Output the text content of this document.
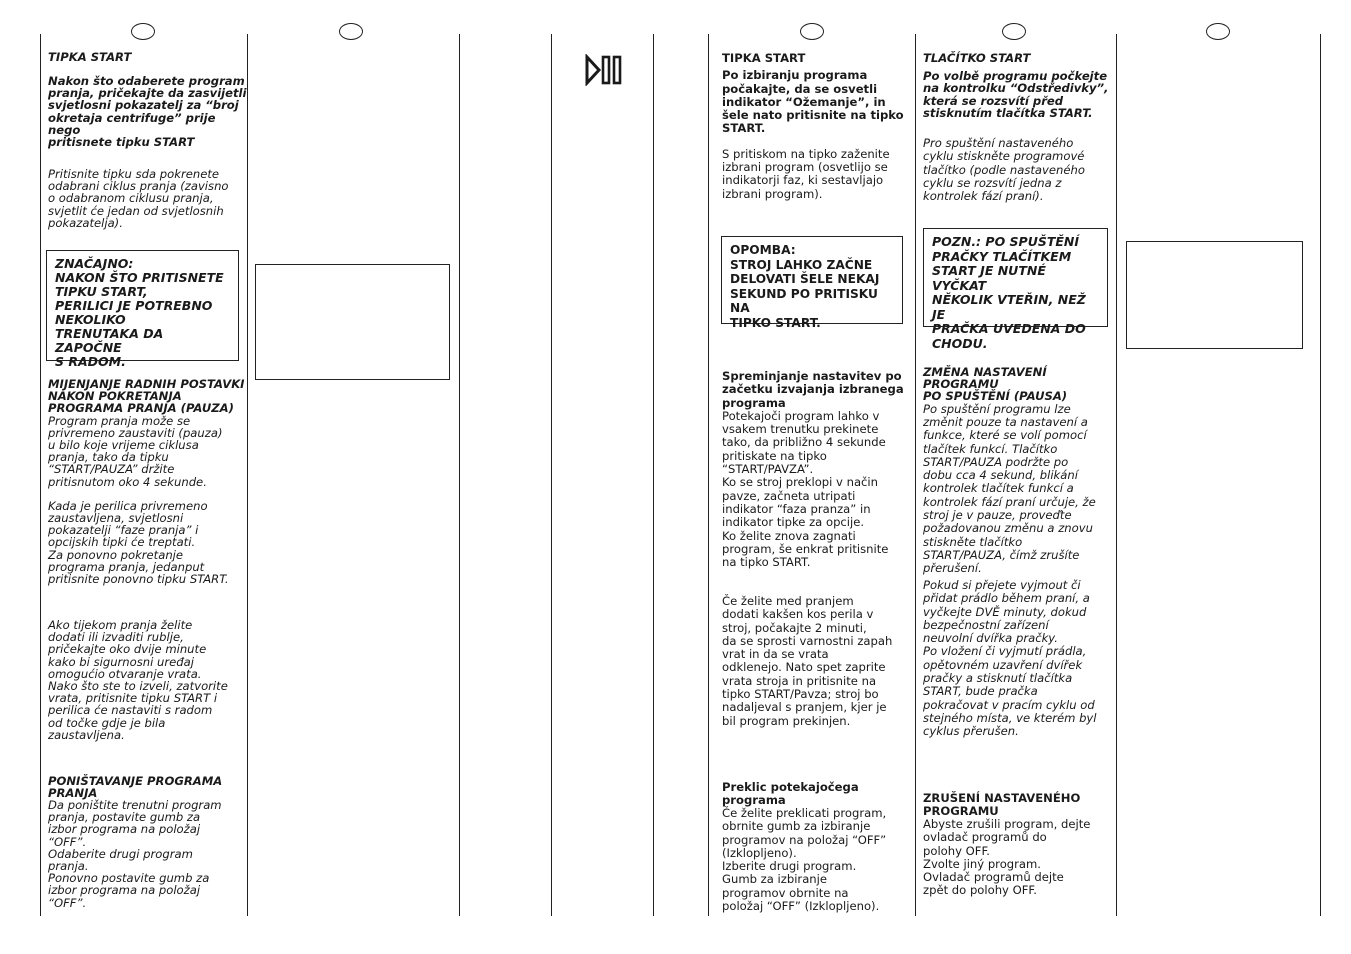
TIPKA START

Nakon što odaberete program
pranja, pričekajte da zasvijetli
svjetlosni pokazatelj za “broj
okretaja centrifuge” prije nego
pritisnete tipku START

Pritisnite tipku sda pokrenete
odabrani ciklus pranja (zavisno
o odabranom ciklusu pranja,
svjetlit će jedan od svjetlosnih
pokazatelja).

ZNAČAJNO:
NAKON ŠTO PRITISNETE
TIPKU START,
PERILICI JE POTREBNO
NEKOLIKO
TRENUTAKA DA ZAPOČNE
S RADOM.

MIJENJANJE RADNIH POSTAVKI
NAKON POKRETANJA
PROGRAMA PRANJA (PAUZA)

Program pranja može se
privremeno zaustaviti (pauza)
u bilo koje vrijeme ciklusa
pranja, tako da tipku
“START/PAUZA” držite
pritisnutom oko 4 sekunde.

Kada je perilica privremeno
zaustavljena, svjetlosni
pokazatelji “faze pranja” i
opcijskih tipki će treptati.
Za ponovno pokretanje
programa pranja, jedanput
pritisnite ponovno tipku START.

Ako tijekom pranja želite
dodati ili izvaditi rublje,
pričekajte oko dvije minute
kako bi sigurnosni uređaj
omogućio otvaranje vrata.
Nako što ste to izveli, zatvorite
vrata, pritisnite tipku START i
perilica će nastaviti s radom
od točke gdje je bila
zaustavljena.

PONIŠTAVANJE PROGRAMA
PRANJA

Da poništite trenutni program
pranja, postavite gumb za
izbor programa na položaj
“OFF”.
Odaberite drugi program
pranja.
Ponovno postavite gumb za
izbor programa na položaj
“OFF”.

TIPKA START

Po izbiranju programa
počakajte, da se osvetli
indikator “Ožemanje”, in
šele nato pritisnite na tipko
START.

S pritiskom na tipko zaženite
izbrani program (osvetlijo se
indikatorji faz, ki sestavljajo
izbrani program).

OPOMBA:
STROJ LAHKO ZAČNE
DELOVATI ŠELE NEKAJ
SEKUND PO PRITISKU NA
TIPKO START.

Spreminjanje nastavitev po
začetku izvajanja izbranega
programa

Potekajoči program lahko v
vsakem trenutku prekinete
tako, da približno 4 sekunde
pritiskate na tipko
“START/PAVZA”.
Ko se stroj preklopi v način
pavze, začneta utripati
indikator “faza pranza” in
indikator tipke za opcije.
Ko želite znova zagnati
program, še enkrat pritisnite
na tipko START.

Če želite med pranjem
dodati kakšen kos perila v
stroj, počakajte 2 minuti,
da se sprosti varnostni zapah
vrat in da se vrata
odklenejo. Nato spet zaprite
vrata stroja in pritisnite na
tipko START/Pavza; stroj bo
nadaljeval s pranjem, kjer je
bil program prekinjen.

Preklic potekajočega
programa

Če želite preklicati program,
obrnite gumb za izbiranje
programov na položaj “OFF”
(Izklopljeno).
Izberite drugi program.
Gumb za izbiranje
programov obrnite na
položaj “OFF” (Izklopljeno).

TLAČÍTKO START

Po volbě programu počkejte
na kontrolku “Odstředivky”,
která se rozsvítí před
stisknutím tlačítka START.

Pro spuštění nastaveného
cyklu stiskněte programové
tlačítko (podle nastaveného
cyklu se rozsvítí jedna z
kontrolek fází praní).

POZN.: PO SPUŠTĚNÍ
PRAČKY TLAČÍTKEM
START JE NUTNÉ VYČKAT
NĚKOLIK VTEŘIN, NEŽ JE
PRAČKA UVEDENA DO
CHODU.

ZMĚNA NASTAVENÍ PROGRAMU
PO SPUŠTĚNÍ (PAUSA)

Po spuštění programu lze
změnit pouze ta nastavení a
funkce, které se volí pomocí
tlačítek funkcí. Tlačítko
START/PAUZA podržte po
dobu cca 4 sekund, blikání
kontrolek tlačítek funkcí a
kontrolek fází praní určuje, že
stroj je v pauze, proveďte
požadovanou změnu a znovu
stiskněte tlačítko
START/PAUZA, čímž zrušíte
přerušení.

Pokud si přejete vyjmout či
přidat prádlo během praní, a
vyčkejte DVĚ minuty, dokud
bezpečnostní zařízení
neuvolní dvířka pračky.
Po vložení či vyjmutí prádla,
opětovném uzavření dvířek
pračky a stisknutí tlačítka
START, bude pračka
pokračovat v pracím cyklu od
stejného místa, ve kterém byl
cyklus přerušen.

ZRUŠENÍ NASTAVENÉHO
PROGRAMU

Abyste zrušili program, dejte
ovladač programů do
polohy OFF.
Zvolte jiný program.
Ovladač programů dejte
zpět do polohy OFF.
